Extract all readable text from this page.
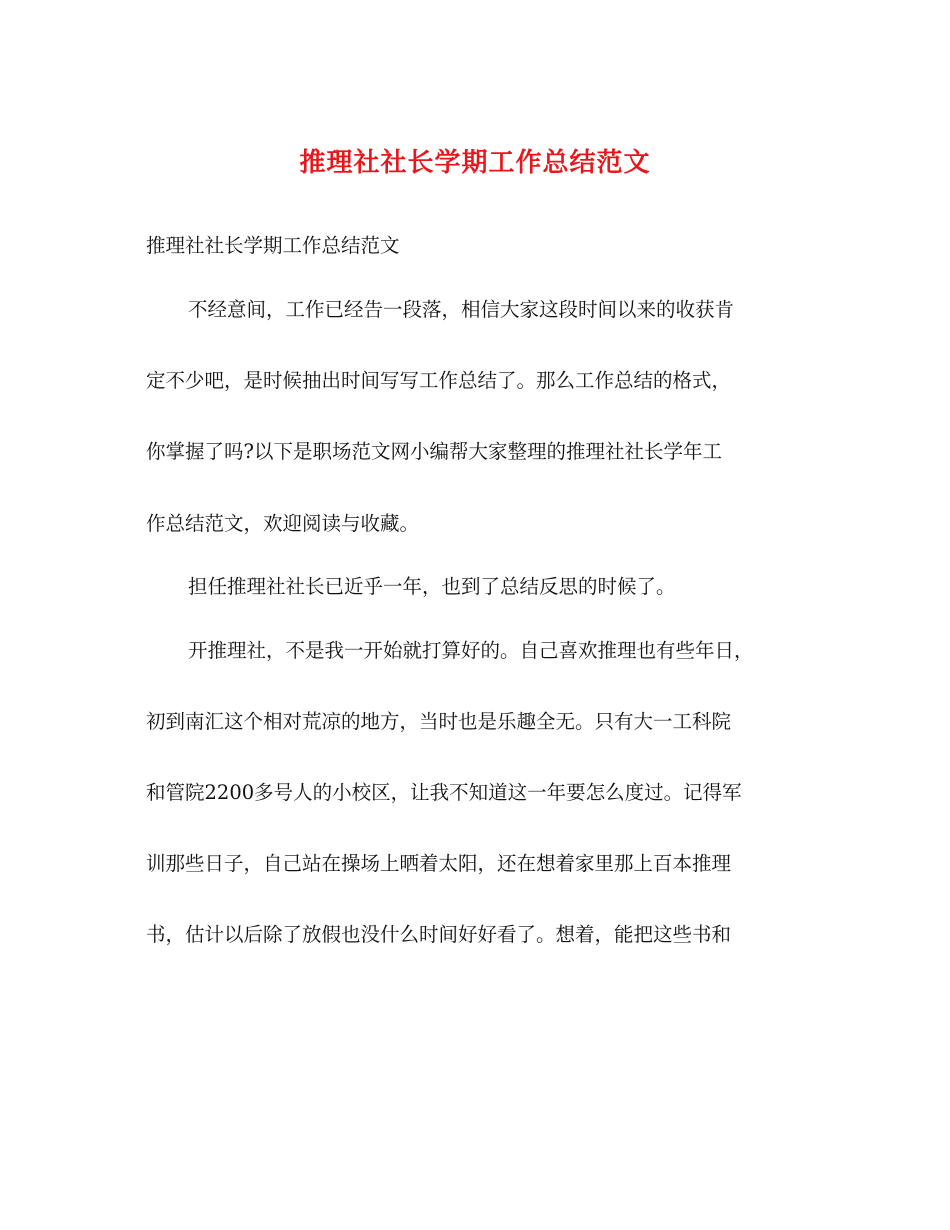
推理社社长学期工作总结范文
推理社社长学期工作总结范文
不经意间，工作已经告一段落，相信大家这段时间以来的收获肯
定不少吧，是时候抽出时间写写工作总结了。那么工作总结的格式，
你掌握了吗?以下是职场范文网小编帮大家整理的推理社社长学年工
作总结范文，欢迎阅读与收藏。
担任推理社社长已近乎一年，也到了总结反思的时候了。
开推理社，不是我一开始就打算好的。自己喜欢推理也有些年日，
初到南汇这个相对荒凉的地方，当时也是乐趣全无。只有大一工科院
和管院2200多号人的小校区，让我不知道这一年要怎么度过。记得军
训那些日子，自己站在操场上晒着太阳，还在想着家里那上百本推理
书，估计以后除了放假也没什么时间好好看了。想着，能把这些书和
